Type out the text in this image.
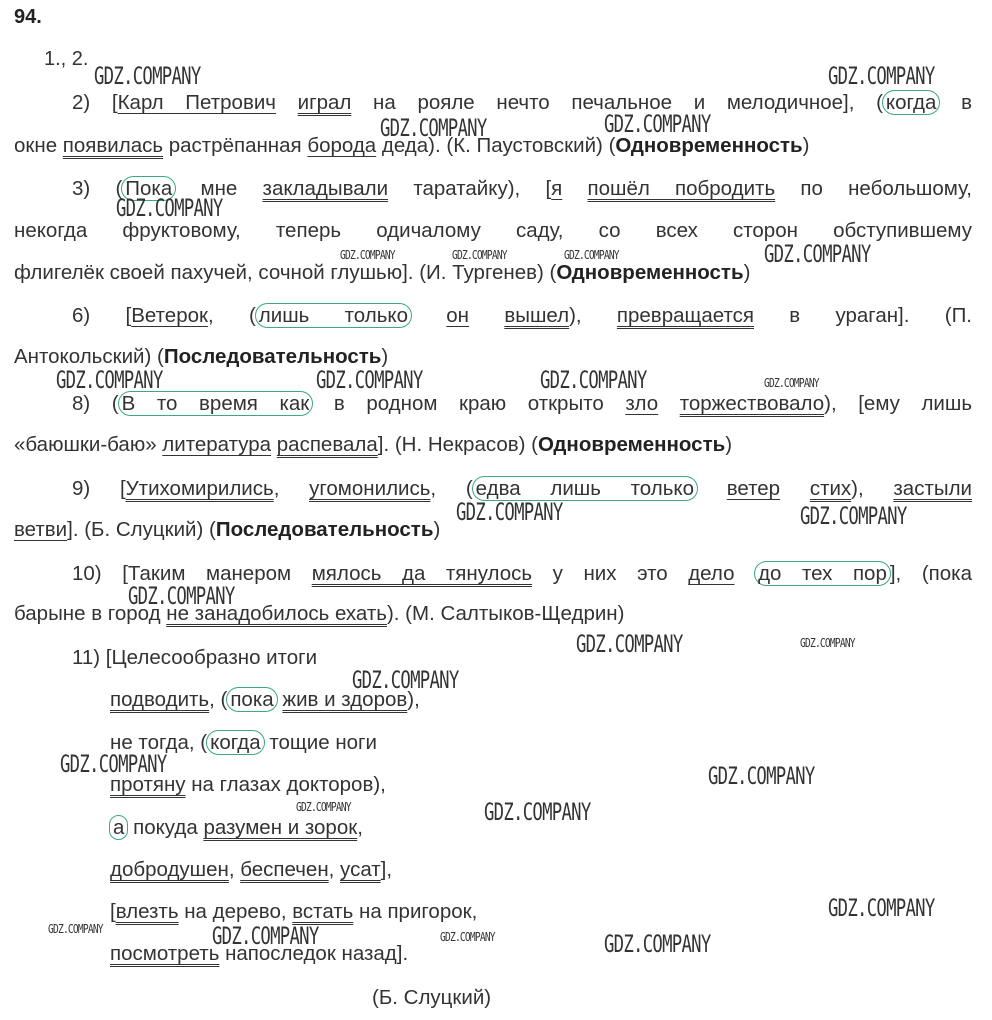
94.
1., 2.
2) [Карл Петрович играл на рояле нечто печальное и мелодичное], ( когда в
окне появилась растрёпанная борода деда). (К. Паустовский) (Одновременность)
3) ( Пока мне закладывали таратайку), [я пошёл побродить по небольшому,
некогда фруктовому, теперь одичалому саду, со всех сторон обступившему
флигелёк своей пахучей, сочной глушью]. (И. Тургенев) (Одновременность)
6) [Ветерок, ( лишь только он вышел), превращается в ураган]. (П.
Антокольский) (Последовательность)
8) ( В то время как в родном краю открыто зло торжествовало), [ему лишь
«баюшки-баю» литература распевала]. (Н. Некрасов) (Одновременность)
9) [Утихомирились, угомонились, ( едва лишь только ветер стих), застыли
ветви]. (Б. Слуцкий) (Последовательность)
10) [Таким манером мялось да тянулось у них это дело до тех пор ], (пока
барыне в город не занадобилось ехать). (М. Салтыков-Щедрин)
11) [Целесообразно итоги
подводить, ( пока жив и здоров),
не тогда, ( когда тощие ноги
протяну на глазах докторов),
а покуда разумен и зорок,
добродушен, беспечен, усат],
[влезть на дерево, встать на пригорок,
посмотреть напоследок назад].
(Б. Слуцкий)
GDZ.COMPANY	GDZ.COMPANY
GDZ.COMPANY	GDZ.COMPANY
GDZ.COMPANY
GDZ.COMPANY	GDZ.COMPANY	GDZ.COMPANY	GDZ.COMPANY
GDZ.COMPANY	GDZ.COMPANY	GDZ.COMPANY	GDZ.COMPANY
GDZ.COMPANY	GDZ.COMPANY
GDZ.COMPANY
GDZ.COMPANY	GDZ.COMPANY
GDZ.COMPANY
GDZ.COMPANY	GDZ.COMPANY
GDZ.COMPANY	GDZ.COMPANY
GDZ.COMPANY
GDZ.COMPANY	GDZ.COMPANY	GDZ.COMPANY	GDZ.COMPANY
